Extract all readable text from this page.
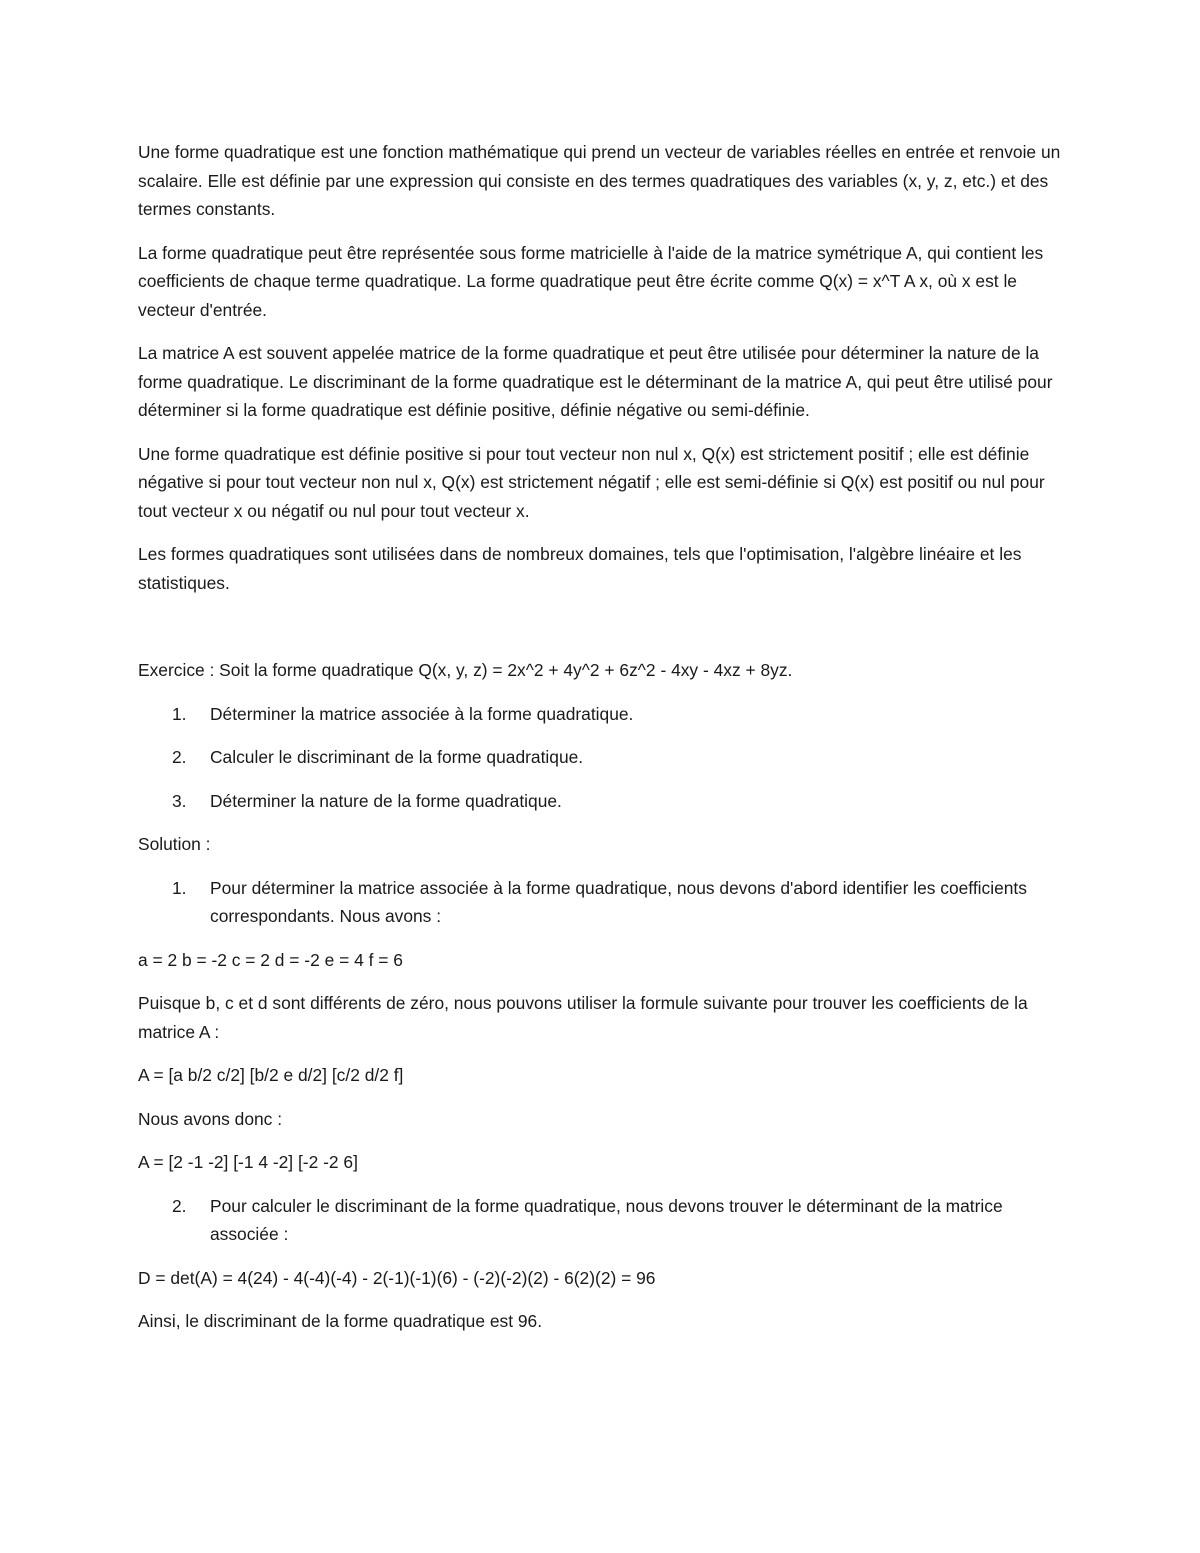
Une forme quadratique est une fonction mathématique qui prend un vecteur de variables réelles en entrée et renvoie un scalaire. Elle est définie par une expression qui consiste en des termes quadratiques des variables (x, y, z, etc.) et des termes constants.

La forme quadratique peut être représentée sous forme matricielle à l'aide de la matrice symétrique A, qui contient les coefficients de chaque terme quadratique. La forme quadratique peut être écrite comme Q(x) = x^T A x, où x est le vecteur d'entrée.

La matrice A est souvent appelée matrice de la forme quadratique et peut être utilisée pour déterminer la nature de la forme quadratique. Le discriminant de la forme quadratique est le déterminant de la matrice A, qui peut être utilisé pour déterminer si la forme quadratique est définie positive, définie négative ou semi-définie.

Une forme quadratique est définie positive si pour tout vecteur non nul x, Q(x) est strictement positif ; elle est définie négative si pour tout vecteur non nul x, Q(x) est strictement négatif ; elle est semi-définie si Q(x) est positif ou nul pour tout vecteur x ou négatif ou nul pour tout vecteur x.

Les formes quadratiques sont utilisées dans de nombreux domaines, tels que l'optimisation, l'algèbre linéaire et les statistiques.

Exercice : Soit la forme quadratique Q(x, y, z) = 2x^2 + 4y^2 + 6z^2 - 4xy - 4xz + 8yz.

1. Déterminer la matrice associée à la forme quadratique.
2. Calculer le discriminant de la forme quadratique.
3. Déterminer la nature de la forme quadratique.

Solution :

1. Pour déterminer la matrice associée à la forme quadratique, nous devons d'abord identifier les coefficients correspondants. Nous avons :

a = 2 b = -2 c = 2 d = -2 e = 4 f = 6

Puisque b, c et d sont différents de zéro, nous pouvons utiliser la formule suivante pour trouver les coefficients de la matrice A :

A = [a b/2 c/2] [b/2 e d/2] [c/2 d/2 f]

Nous avons donc :

A = [2 -1 -2] [-1 4 -2] [-2 -2 6]

2. Pour calculer le discriminant de la forme quadratique, nous devons trouver le déterminant de la matrice associée :

D = det(A) = 4(24) - 4(-4)(-4) - 2(-1)(-1)(6) - (-2)(-2)(2) - 6(2)(2) = 96

Ainsi, le discriminant de la forme quadratique est 96.
